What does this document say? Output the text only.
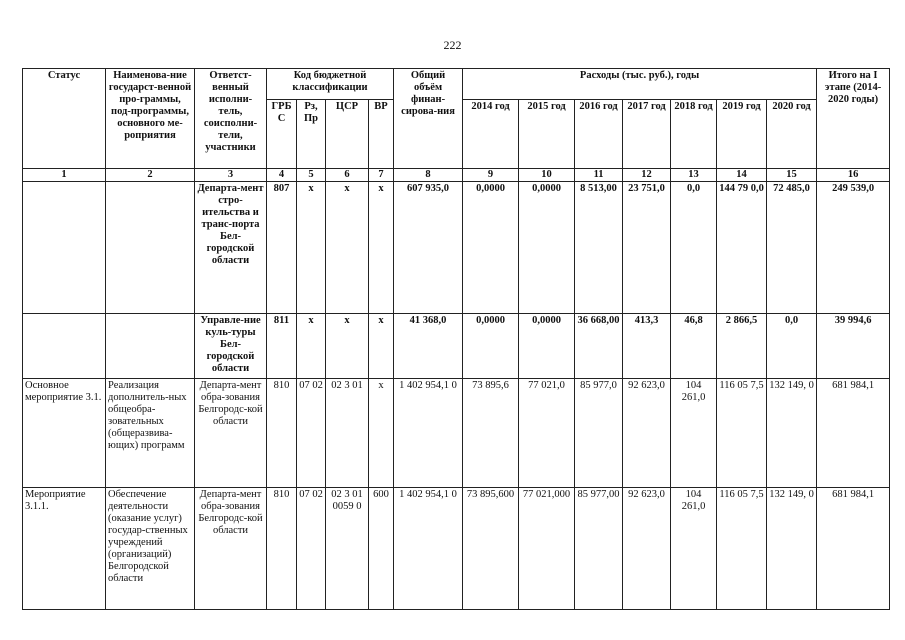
222
Статус	Наименова-ние государст-венной про-граммы, под-программы, основного ме-роприятия	Ответст-венный исполни-тель, соисполни-тели, участники	Код бюджетной классификации				Общий объём финан-сирова-ния	Расходы (тыс. руб.), годы							Итого на I этапе (2014-2020 годы)
			ГРБ С	Рз, Пр	ЦСР	ВР		2014 год	2015 год	2016 год	2017 год	2018 год	2019 год	2020 год	
1	2	3	4	5	6	7	8	9	10	11	12	13	14	15	16
		Департа-мент стро-ительства и транс-порта Бел-городской области	807	х	х	х	607 935,0	0,0000	0,0000	8 513,00	23 751,0	0,0	144 79 0,0	72 485,0	249 539,0
		Управле-ние куль-туры Бел-городской области	811	х	х	х	41 368,0	0,0000	0,0000	36 668,00	413,3	46,8	2 866,5	0,0	39 994,6
Основное мероприятие 3.1.	Реализация дополнитель-ных общеобра-зовательных (общеразвива-ющих) программ	Департа-мент обра-зования Белгородс-кой области	810	07 02	02 3 01	х	1 402 954,1 0	73 895,6	77 021,0	85 977,0	92 623,0	104 261,0	116 05 7,5	132 149, 0	681 984,1
Мероприятие 3.1.1.	Обеспечение деятельности (оказание услуг) государ-ственных учреждений (организаций) Белгородской области	Департа-мент обра-зования Белгородс-кой области	810	07 02	02 3 01 0059 0	600	1 402 954,1 0	73 895,600	77 021,000	85 977,00	92 623,0	104 261,0	116 05 7,5	132 149, 0	681 984,1
